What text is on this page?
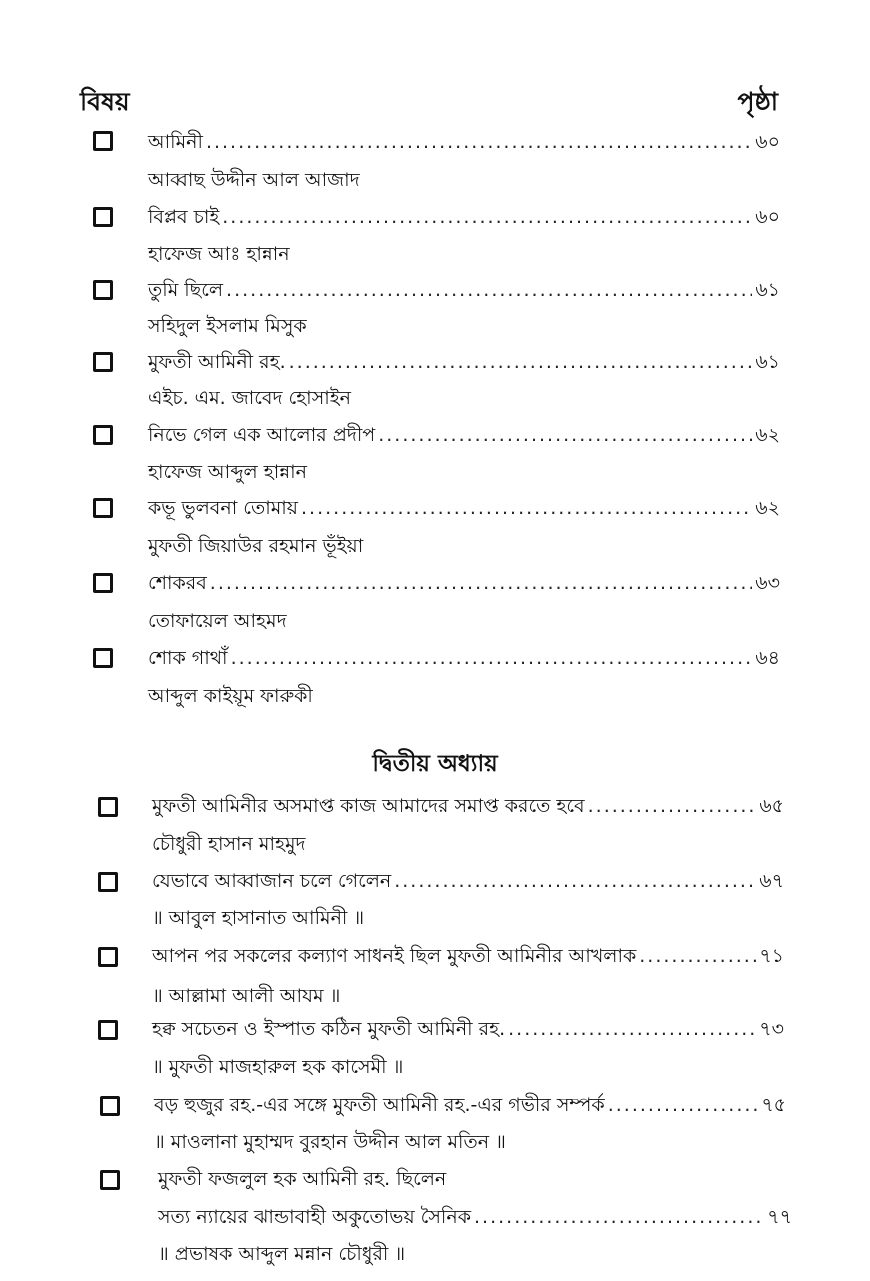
বিষয়	পৃষ্ঠা
আমিনী .....	৬০
আব্বাছ উদ্দীন আল আজাদ
বিপ্লব চাই .....	৬০
হাফেজ আঃ হান্নান
তুমি ছিলে .....	৬১
সহিদুল ইসলাম মিসুক
মুফতী আমিনী রহ. .....	৬১
এইচ. এম. জাবেদ হোসাইন
নিভে গেল এক আলোর প্রদীপ .....	৬২
হাফেজ আব্দুল হান্নান
কভূ ভুলবনা তোমায় .....	৬২
মুফতী জিয়াউর রহমান ভূঁইয়া
শোকরব .....	৬৩
তোফায়েল আহমদ
শোক গাথাঁ .....	৬৪
আব্দুল কাইয়ূম ফারুকী
দ্বিতীয় অধ্যায়
মুফতী আমিনীর অসমাপ্ত কাজ আমাদের সমাপ্ত করতে হবে .....	৬৫
চৌধুরী হাসান মাহমুদ
যেভাবে আব্বাজান চলে গেলেন .....	৬৭
॥ আবুল হাসানাত আমিনী ॥
আপন পর সকলের কল্যাণ সাধনই ছিল মুফতী আমিনীর আখলাক .....	৭১
॥ আল্লামা আলী আযম ॥
হক্ব সচেতন ও ইস্পাত কঠিন মুফতী আমিনী রহ. .....	৭৩
॥ মুফতী মাজহারুল হক কাসেমী ॥
বড় হুজুর রহ.-এর সঙ্গে মুফতী আমিনী রহ.-এর গভীর সম্পর্ক .....	৭৫
॥ মাওলানা মুহাম্মদ বুরহান উদ্দীন আল মতিন ॥
মুফতী ফজলুল হক আমিনী রহ. ছিলেন
সত্য ন্যায়ের ঝান্ডাবাহী অকুতোভয় সৈনিক .....	৭৭
॥ প্রভাষক আব্দুল মন্নান চৌধুরী ॥
